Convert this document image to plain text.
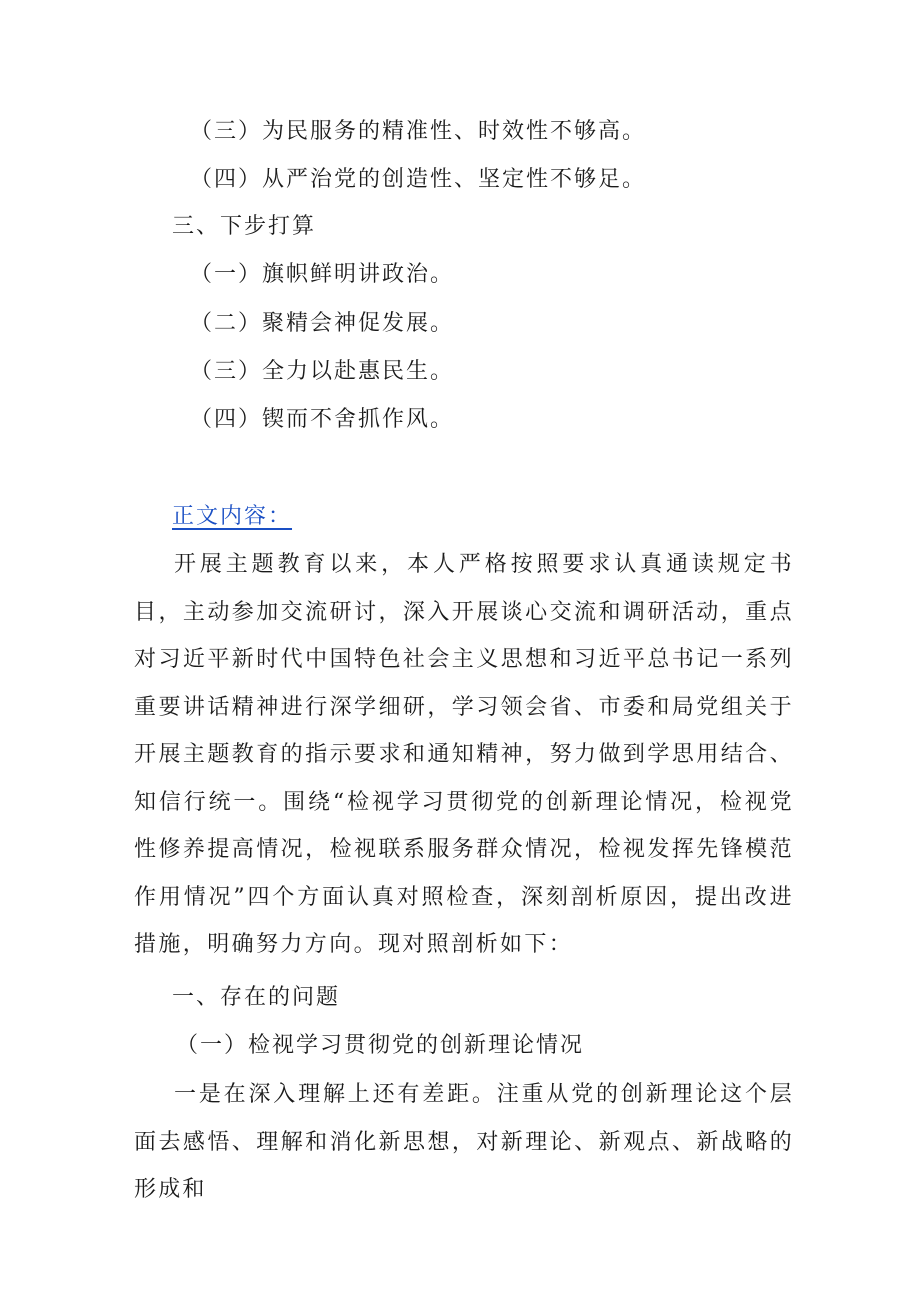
（三）为民服务的精准性、时效性不够高。
（四）从严治党的创造性、坚定性不够足。
三、下步打算
（一）旗帜鲜明讲政治。
（二）聚精会神促发展。
（三）全力以赴惠民生。
（四）锲而不舍抓作风。
正文内容：

开展主题教育以来，本人严格按照要求认真通读规定书目，主动参加交流研讨，深入开展谈心交流和调研活动，重点对习近平新时代中国特色社会主义思想和习近平总书记一系列重要讲话精神进行深学细研，学习领会省、市委和局党组关于开展主题教育的指示要求和通知精神，努力做到学思用结合、知信行统一。围绕“检视学习贯彻党的创新理论情况，检视党性修养提高情况，检视联系服务群众情况，检视发挥先锋模范作用情况”四个方面认真对照检查，深刻剖析原因，提出改进措施，明确努力方向。现对照剖析如下：

一、存在的问题
（一）检视学习贯彻党的创新理论情况

一是在深入理解上还有差距。注重从党的创新理论这个层面去感悟、理解和消化新思想，对新理论、新观点、新战略的形成和
